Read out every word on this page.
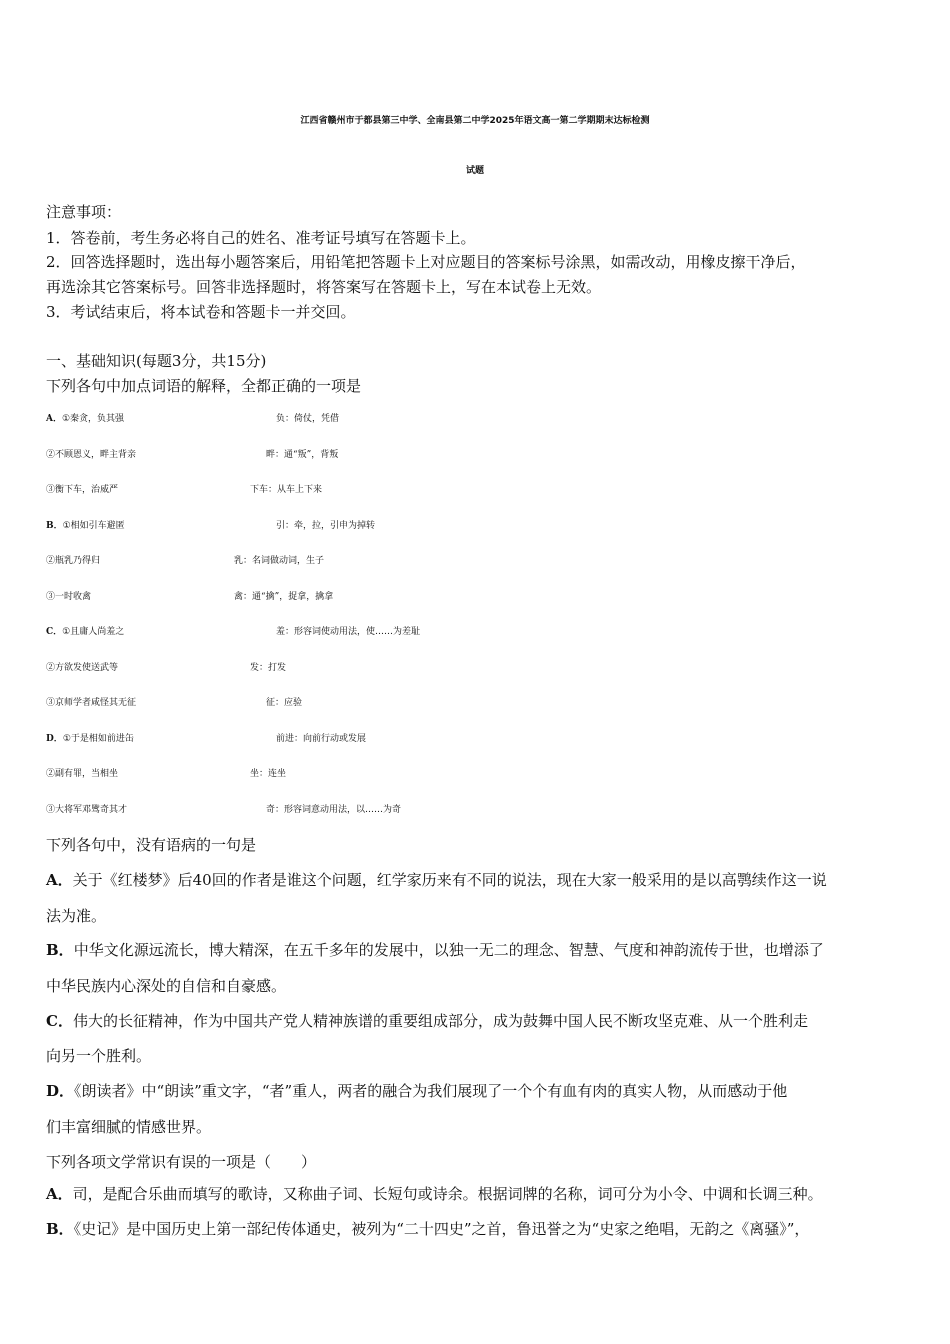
江西省赣州市于都县第三中学、全南县第二中学2025年语文高一第二学期期末达标检测
试题
注意事项：
1．答卷前，考生务必将自己的姓名、准考证号填写在答题卡上。
2．回答选择题时，选出每小题答案后，用铅笔把答题卡上对应题目的答案标号涂黑，如需改动，用橡皮擦干净后，
再选涂其它答案标号。回答非选择题时，将答案写在答题卡上，写在本试卷上无效。
3．考试结束后，将本试卷和答题卡一并交回。
一、基础知识(每题3分，共15分)
下列各句中加点词语的解释，全都正确的一项是
A．①秦贪，负其强	负：倚仗，凭借
②不顾恩义，畔主背亲	畔：通“叛”，背叛
③衡下车，治威严	下车：从车上下来
B．①相如引车避匿	引：牵，拉，引申为掉转
②瓶乳乃得归	乳：名词做动词，生子
③一时收禽	禽：通“擒”，捉拿，擒拿
C．①且庸人尚羞之	羞：形容词使动用法，使……为差耻
②方欲发使送武等	发：打发
③京师学者咸怪其无征	征：应验
D．①于是相如前进缶	前进：向前行动或发展
②副有罪，当相坐	坐：连坐
③大将军邓骘奇其才	奇：形容词意动用法，以……为奇
下列各句中，没有语病的一句是
A．关于《红楼梦》后40回的作者是谁这个问题，红学家历来有不同的说法，现在大家一般采用的是以高鹗续作这一说
法为准。
B．中华文化源远流长，博大精深，在五千多年的发展中，以独一无二的理念、智慧、气度和神韵流传于世，也增添了
中华民族内心深处的自信和自豪感。
C．伟大的长征精神，作为中国共产党人精神族谱的重要组成部分，成为鼓舞中国人民不断攻坚克难、从一个胜利走
向另一个胜利。
D．《朗读者》中“朗读”重文字，“者”重人，两者的融合为我们展现了一个个有血有肉的真实人物，从而感动于他
们丰富细腻的情感世界。
下列各项文学常识有误的一项是（　　）
A．司，是配合乐曲而填写的歌诗，又称曲子词、长短句或诗余。根据词牌的名称，词可分为小令、中调和长调三种。
B．《史记》是中国历史上第一部纪传体通史，被列为“二十四史”之首，鲁迅誉之为“史家之绝唱，无韵之《离骚》”，
